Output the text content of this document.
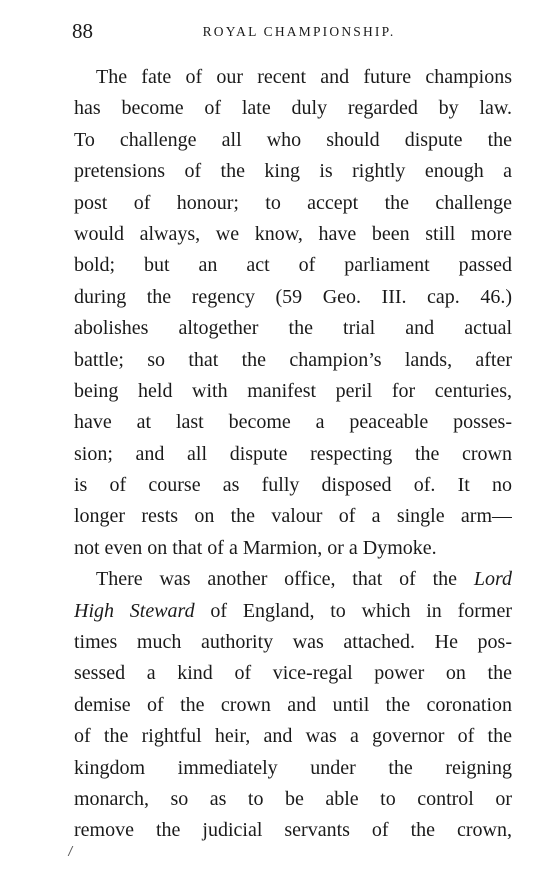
88	ROYAL CHAMPIONSHIP.
The fate of our recent and future champions
has become of late duly regarded by law.
To challenge all who should dispute the
pretensions of the king is rightly enough a
post of honour; to accept the challenge
would always, we know, have been still more
bold; but an act of parliament passed
during the regency (59 Geo. III. cap. 46.)
abolishes altogether the trial and actual
battle; so that the champion’s lands, after
being held with manifest peril for centuries,
have at last become a peaceable posses-
sion; and all dispute respecting the crown
is of course as fully disposed of. It no
longer rests on the valour of a single arm—
not even on that of a Marmion, or a Dymoke.
There was another office, that of the Lord
High Steward of England, to which in former
times much authority was attached. He pos-
sessed a kind of vice-regal power on the
demise of the crown and until the coronation
of the rightful heir, and was a governor of the
kingdom immediately under the reigning
monarch, so as to be able to control or
remove the judicial servants of the crown,
